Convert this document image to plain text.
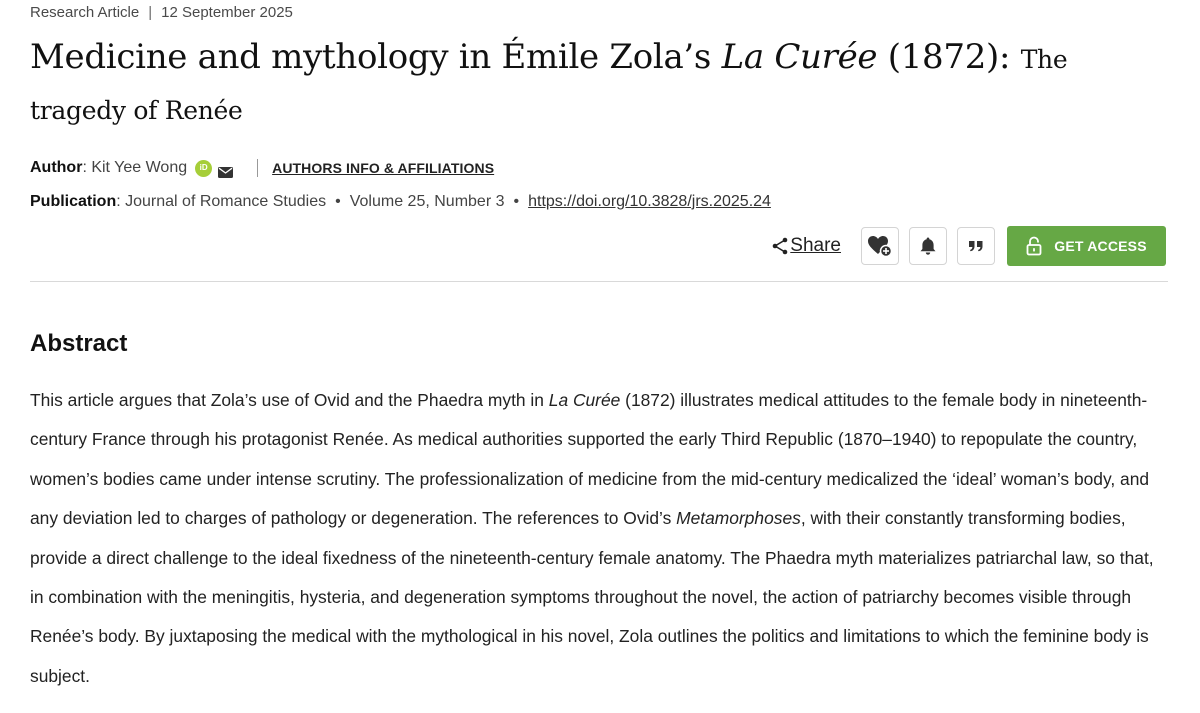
Research Article | 12 September 2025
Medicine and mythology in Émile Zola’s La Curée (1872): The tragedy of Renée
Author : Kit Yee Wong	iD	AUTHORS INFO & AFFILIATIONS
Publication: Journal of Romance Studies • Volume 25, Number 3 • https://doi.org/10.3828/jrs.2025.24
Share	GET ACCESS
Abstract

This article argues that Zola’s use of Ovid and the Phaedra myth in La Curée (1872) illustrates medical attitudes to the female body in nineteenth-century France through his protagonist Renée. As medical authorities supported the early Third Republic (1870–1940) to repopulate the country, women’s bodies came under intense scrutiny. The professionalization of medicine from the mid-century medicalized the ‘ideal’ woman’s body, and any deviation led to charges of pathology or degeneration. The references to Ovid’s Metamorphoses, with their constantly transforming bodies, provide a direct challenge to the ideal fixedness of the nineteenth-century female anatomy. The Phaedra myth materializes patriarchal law, so that, in combination with the meningitis, hysteria, and degeneration symptoms throughout the novel, the action of patriarchy becomes visible through Renée’s body. By juxtaposing the medical with the mythological in his novel, Zola outlines the politics and limitations to which the feminine body is subject.
